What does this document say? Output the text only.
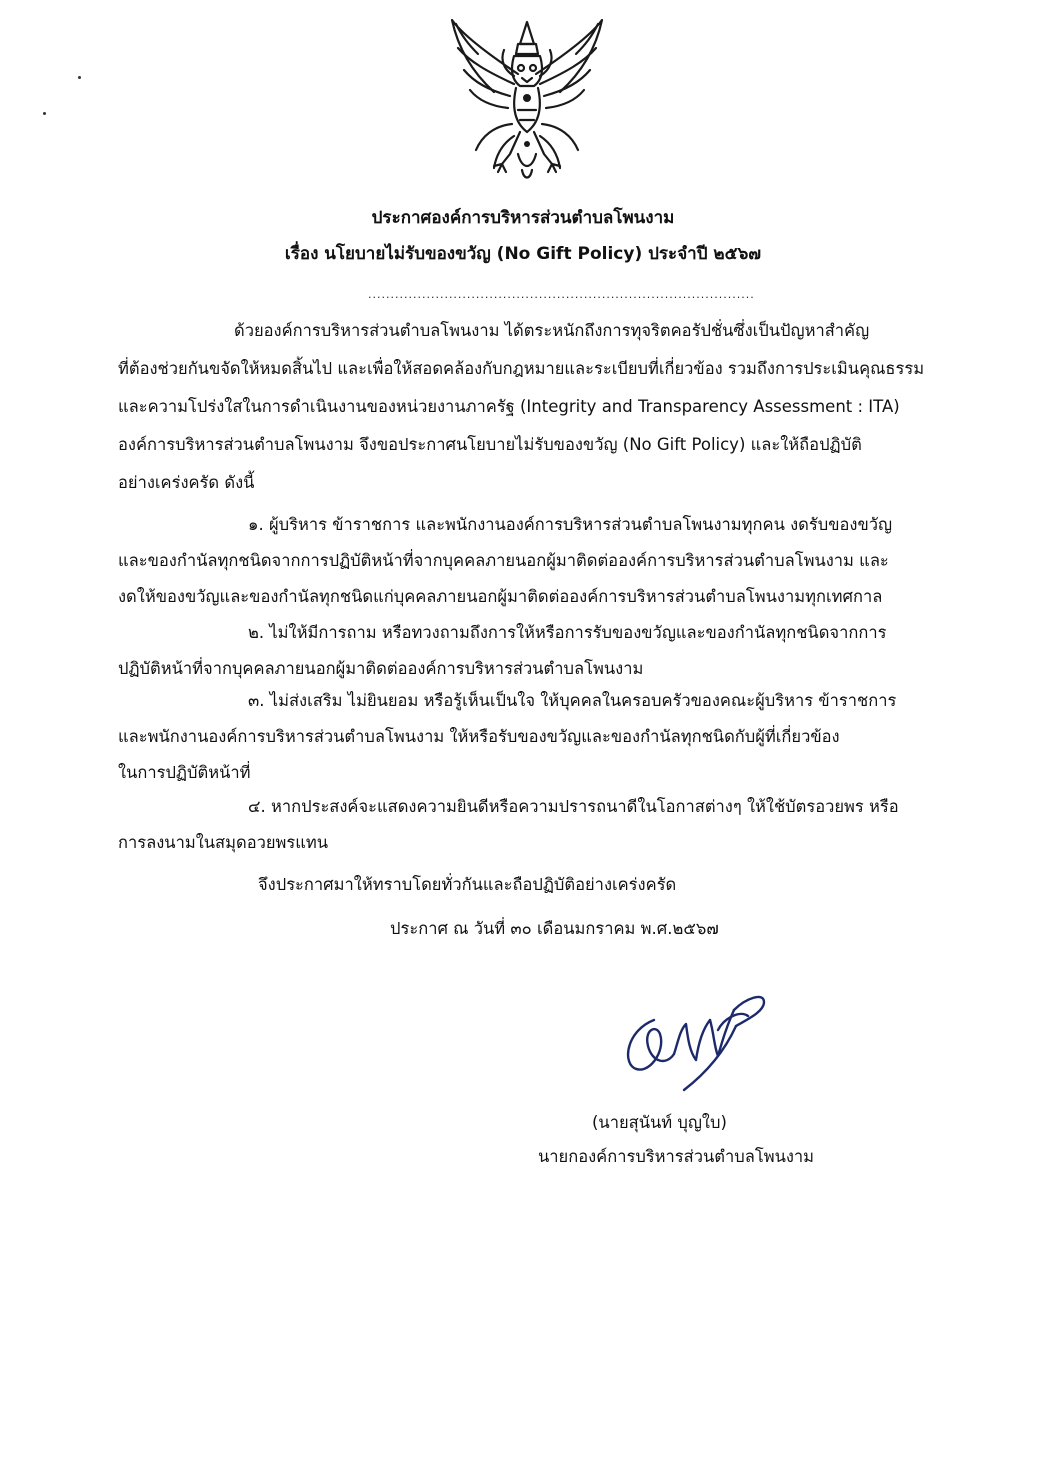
ประกาศองค์การบริหารส่วนตำบลโพนงาม
เรื่อง นโยบายไม่รับของขวัญ (No Gift Policy) ประจำปี ๒๕๖๗
......................................................................................
ด้วยองค์การบริหารส่วนตำบลโพนงาม ได้ตระหนักถึงการทุจริตคอรัปชั่นซึ่งเป็นปัญหาสำคัญ
ที่ต้องช่วยกันขจัดให้หมดสิ้นไป และเพื่อให้สอดคล้องกับกฎหมายและระเบียบที่เกี่ยวข้อง รวมถึงการประเมินคุณธรรม
และความโปร่งใสในการดำเนินงานของหน่วยงานภาครัฐ (Integrity and Transparency Assessment : ITA)
องค์การบริหารส่วนตำบลโพนงาม จึงขอประกาศนโยบายไม่รับของขวัญ (No Gift Policy) และให้ถือปฏิบัติ
อย่างเคร่งครัด ดังนี้
๑. ผู้บริหาร ข้าราชการ และพนักงานองค์การบริหารส่วนตำบลโพนงามทุกคน งดรับของขวัญ
และของกำนัลทุกชนิดจากการปฏิบัติหน้าที่จากบุคคลภายนอกผู้มาติดต่อองค์การบริหารส่วนตำบลโพนงาม และ
งดให้ของขวัญและของกำนัลทุกชนิดแก่บุคคลภายนอกผู้มาติดต่อองค์การบริหารส่วนตำบลโพนงามทุกเทศกาล
๒. ไม่ให้มีการถาม หรือทวงถามถึงการให้หรือการรับของขวัญและของกำนัลทุกชนิดจากการ
ปฏิบัติหน้าที่จากบุคคลภายนอกผู้มาติดต่อองค์การบริหารส่วนตำบลโพนงาม
๓. ไม่ส่งเสริม ไม่ยินยอม หรือรู้เห็นเป็นใจ ให้บุคคลในครอบครัวของคณะผู้บริหาร ข้าราชการ
และพนักงานองค์การบริหารส่วนตำบลโพนงาม ให้หรือรับของขวัญและของกำนัลทุกชนิดกับผู้ที่เกี่ยวข้อง
ในการปฏิบัติหน้าที่
๔. หากประสงค์จะแสดงความยินดีหรือความปรารถนาดีในโอกาสต่างๆ ให้ใช้บัตรอวยพร หรือ
การลงนามในสมุดอวยพรแทน
จึงประกาศมาให้ทราบโดยทั่วกันและถือปฏิบัติอย่างเคร่งครัด
ประกาศ ณ วันที่ ๓๐ เดือนมกราคม พ.ศ.๒๕๖๗
(นายสุนันท์ บุญใบ)
นายกองค์การบริหารส่วนตำบลโพนงาม
